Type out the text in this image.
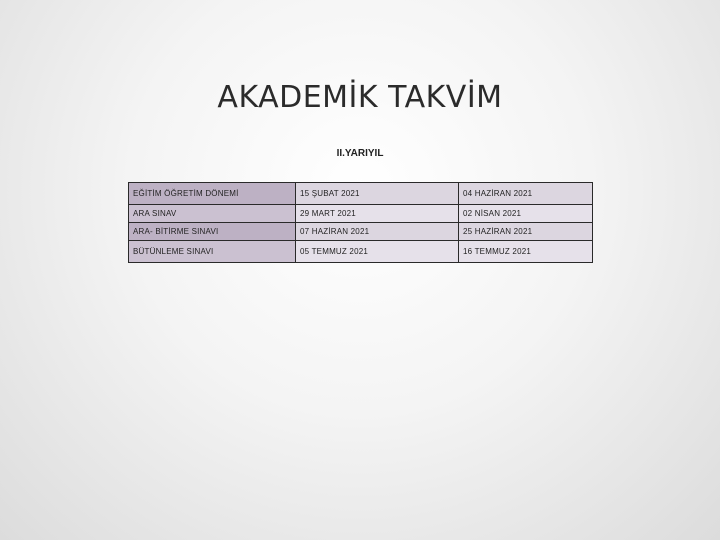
AKADEMİK TAKVİM
II.YARIYIL
EĞİTİM ÖĞRETİM DÖNEMİ	15 ŞUBAT 2021	04 HAZİRAN 2021
ARA SINAV	29 MART 2021	02 NİSAN 2021
ARA- BİTİRME SINAVI	07 HAZİRAN 2021	25 HAZİRAN 2021
BÜTÜNLEME SINAVI	05 TEMMUZ 2021	16 TEMMUZ 2021
